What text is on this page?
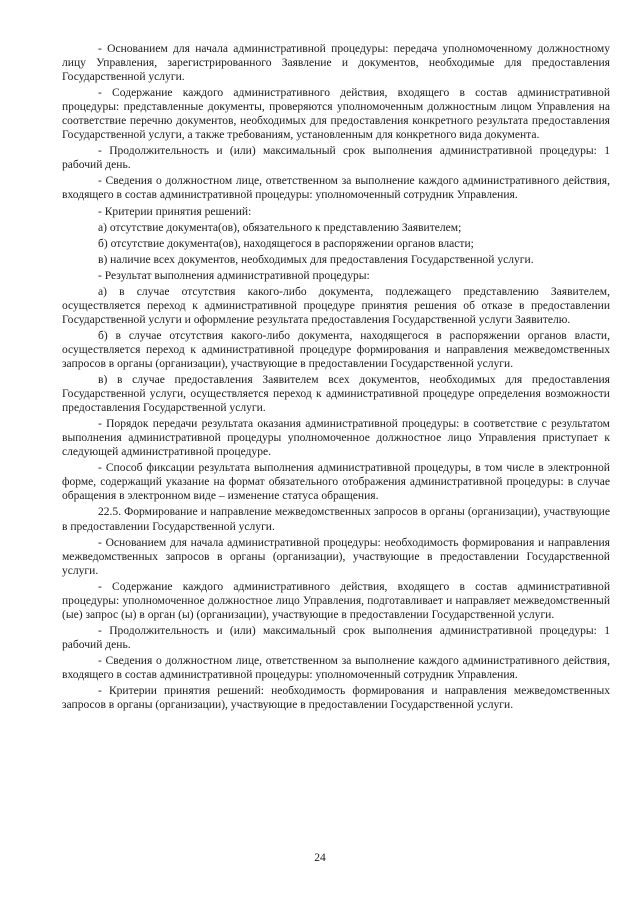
- Основанием для начала административной процедуры: передача уполномоченному должностному лицу Управления, зарегистрированного Заявление и документов, необходимые для предоставления Государственной услуги.

- Содержание каждого административного действия, входящего в состав административной процедуры: представленные документы, проверяются уполномоченным должностным лицом Управления на соответствие перечню документов, необходимых для предоставления конкретного результата предоставления Государственной услуги, а также требованиям, установленным для конкретного вида документа.

- Продолжительность и (или) максимальный срок выполнения административной процедуры: 1 рабочий день.

- Сведения о должностном лице, ответственном за выполнение каждого административного действия, входящего в состав административной процедуры: уполномоченный сотрудник Управления.

- Критерии принятия решений:

а) отсутствие документа(ов), обязательного к представлению Заявителем;

б) отсутствие документа(ов), находящегося в распоряжении органов власти;

в) наличие всех документов, необходимых для предоставления Государственной услуги.

- Результат выполнения административной процедуры:

а) в случае отсутствия какого-либо документа, подлежащего представлению Заявителем, осуществляется переход к административной процедуре принятия решения об отказе в предоставлении Государственной услуги и оформление результата предоставления Государственной услуги Заявителю.

б) в случае отсутствия какого-либо документа, находящегося в распоряжении органов власти, осуществляется переход к административной процедуре формирования и направления межведомственных запросов в органы (организации), участвующие в предоставлении Государственной услуги.

в) в случае предоставления Заявителем всех документов, необходимых для предоставления Государственной услуги, осуществляется переход к административной процедуре определения возможности предоставления Государственной услуги.

- Порядок передачи результата оказания административной процедуры: в соответствие с результатом выполнения административной процедуры уполномоченное должностное лицо Управления приступает к следующей административной процедуре.

- Способ фиксации результата выполнения административной процедуры, в том числе в электронной форме, содержащий указание на формат обязательного отображения административной процедуры: в случае обращения в электронном виде – изменение статуса обращения.

22.5. Формирование и направление межведомственных запросов в органы (организации), участвующие в предоставлении Государственной услуги.

- Основанием для начала административной процедуры: необходимость формирования и направления межведомственных запросов в органы (организации), участвующие в предоставлении Государственной услуги.

- Содержание каждого административного действия, входящего в состав административной процедуры: уполномоченное должностное лицо Управления, подготавливает и направляет межведомственный (ые) запрос (ы) в орган (ы) (организации), участвующие в предоставлении Государственной услуги.

- Продолжительность и (или) максимальный срок выполнения административной процедуры: 1 рабочий день.

- Сведения о должностном лице, ответственном за выполнение каждого административного действия, входящего в состав административной процедуры: уполномоченный сотрудник Управления.

- Критерии принятия решений: необходимость формирования и направления межведомственных запросов в органы (организации), участвующие в предоставлении Государственной услуги.

24
